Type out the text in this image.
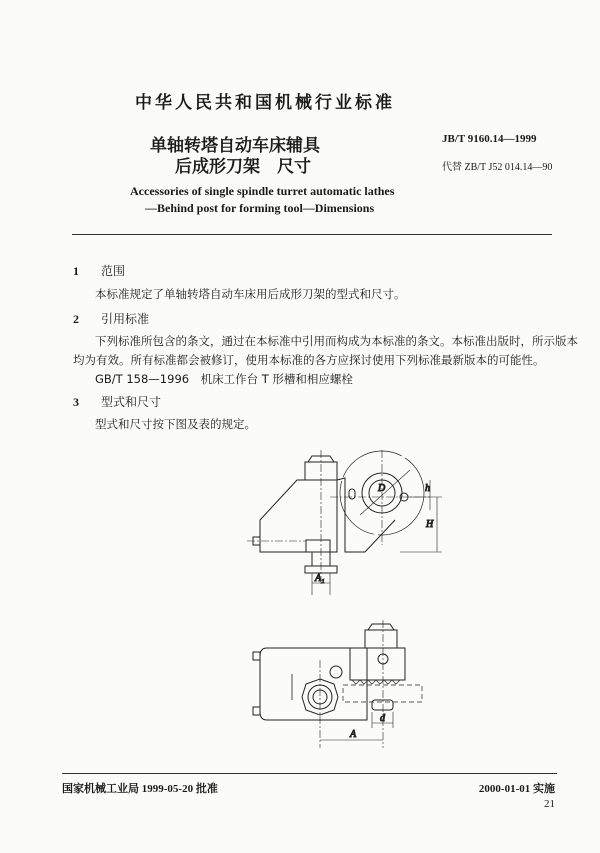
中华人民共和国机械行业标准
单轴转塔自动车床辅具
后成形刀架　尺寸
JB/T 9160.14—1999
代替 ZB/T J52 014.14—90
Accessories of single spindle turret automatic lathes
—Behind post for forming tool—Dimensions
1 范围
本标准规定了单轴转塔自动车床用后成形刀架的型式和尺寸。
2 引用标准
下列标准所包含的条文，通过在本标准中引用而构成为本标准的条文。本标准出版时，所示版本
均为有效。所有标准都会被修订，使用本标准的各方应探讨使用下列标准最新版本的可能性。
GB/T 158—1996　机床工作台 T 形槽和相应螺栓
3 型式和尺寸
型式和尺寸按下图及表的规定。
D	h
H
A₁
A
d
国家机械工业局 1999-05-20 批准	2000-01-01 实施
21
